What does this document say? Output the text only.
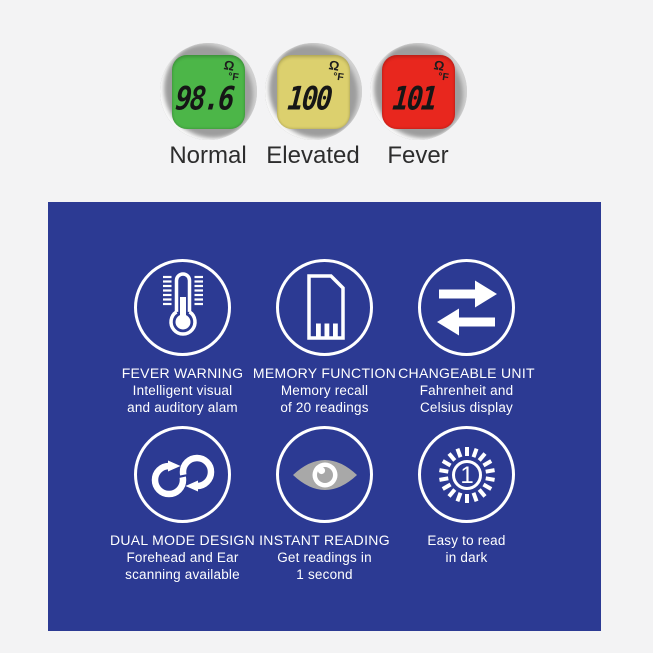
Ω
°F
98.6
Normal
Ω
°F
100
Elevated
Ω
°F
101
Fever
FEVER WARNING
Intelligent visual
and auditory alam
MEMORY FUNCTION
Memory recall
of 20 readings
CHANGEABLE UNIT
Fahrenheit and
Celsius display
DUAL MODE DESIGN
Forehead and Ear
scanning available
INSTANT READING
Get readings in
1 second
1
Easy to read
in dark
